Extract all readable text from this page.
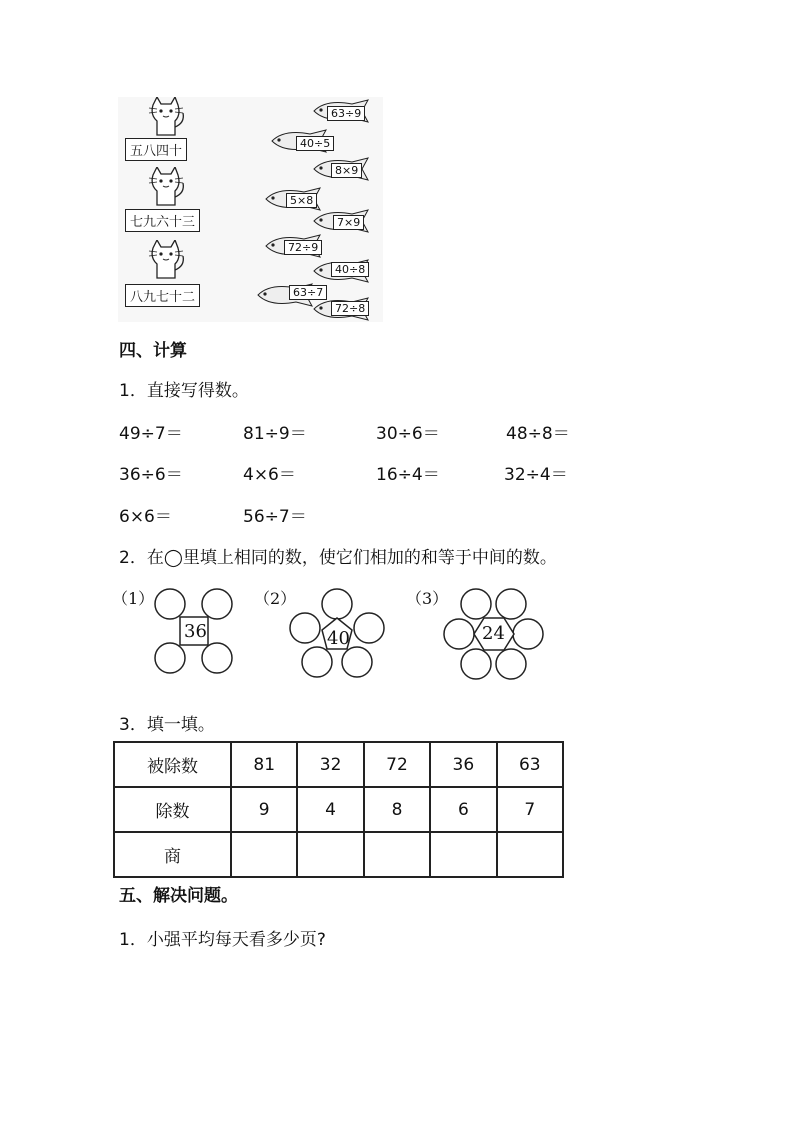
五八四十
七九六十三
八九七十二
63÷9
40÷5
8×9
5×8
7×9
72÷9
40÷8
63÷7
72÷8
四、计算
1．直接写得数。
49÷7＝	81÷9＝	30÷6＝	48÷8＝
36÷6＝	4×6＝	16÷4＝	32÷4＝
6×6＝	56÷7＝
2．在◯里填上相同的数，使它们相加的和等于中间的数。
（1）
36
（2）
40
（3）
24
3．填一填。
被除数	81	32	72	36	63
除数	9	4	8	6	7
商					
五、解决问题。
1．小强平均每天看多少页?
